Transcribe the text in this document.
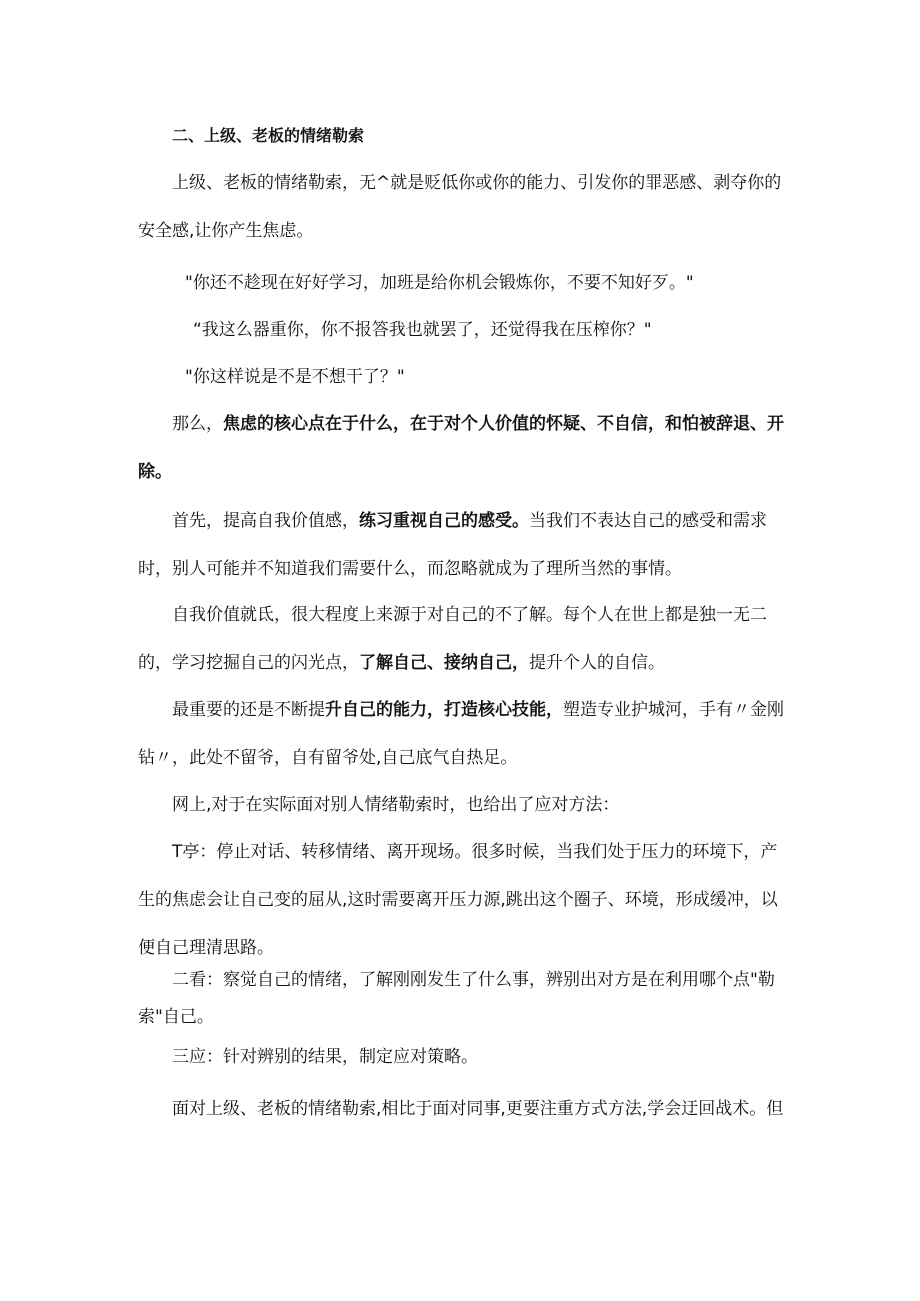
二、上级、老板的情绪勒索

上级、老板的情绪勒索，无^就是贬低你或你的能力、引发你的罪恶感、剥夺你的安全感,让你产生焦虑。

"你还不趁现在好好学习，加班是给你机会锻炼你，不要不知好歹。"

“我这么器重你，你不报答我也就罢了，还觉得我在压榨你？"

"你这样说是不是不想干了？"

那么，焦虑的核心点在于什么，在于对个人价值的怀疑、不自信，和怕被辞退、开除。

首先，提高自我价值感，练习重视自己的感受。当我们不表达自己的感受和需求时，别人可能并不知道我们需要什么，而忽略就成为了理所当然的事情。

自我价值就氐，很大程度上来源于对自己的不了解。每个人在世上都是独一无二的，学习挖掘自己的闪光点，了解自己、接纳自己，提升个人的自信。

最重要的还是不断提升自己的能力，打造核心技能，塑造专业护城河，手有〃金刚 钻〃，此处不留爷，自有留爷处,自己底气自热足。

网上,对于在实际面对别人情绪勒索时，也给出了应对方法：

T亭：停止对话、转移情绪、离开现场。很多时候，当我们处于压力的环境下，产生的焦虑会让自己变的屈从,这时需要离开压力源,跳出这个圈子、环境，形成缓冲，以便自己理清思路。

二看：察觉自己的情绪，了解刚刚发生了什么事，辨别出对方是在利用哪个点"勒索"自己。

三应：针对辨别的结果，制定应对策略。

面对上级、老板的情绪勒索,相比于面对同事,更要注重方式方法,学会迂回战术。但
